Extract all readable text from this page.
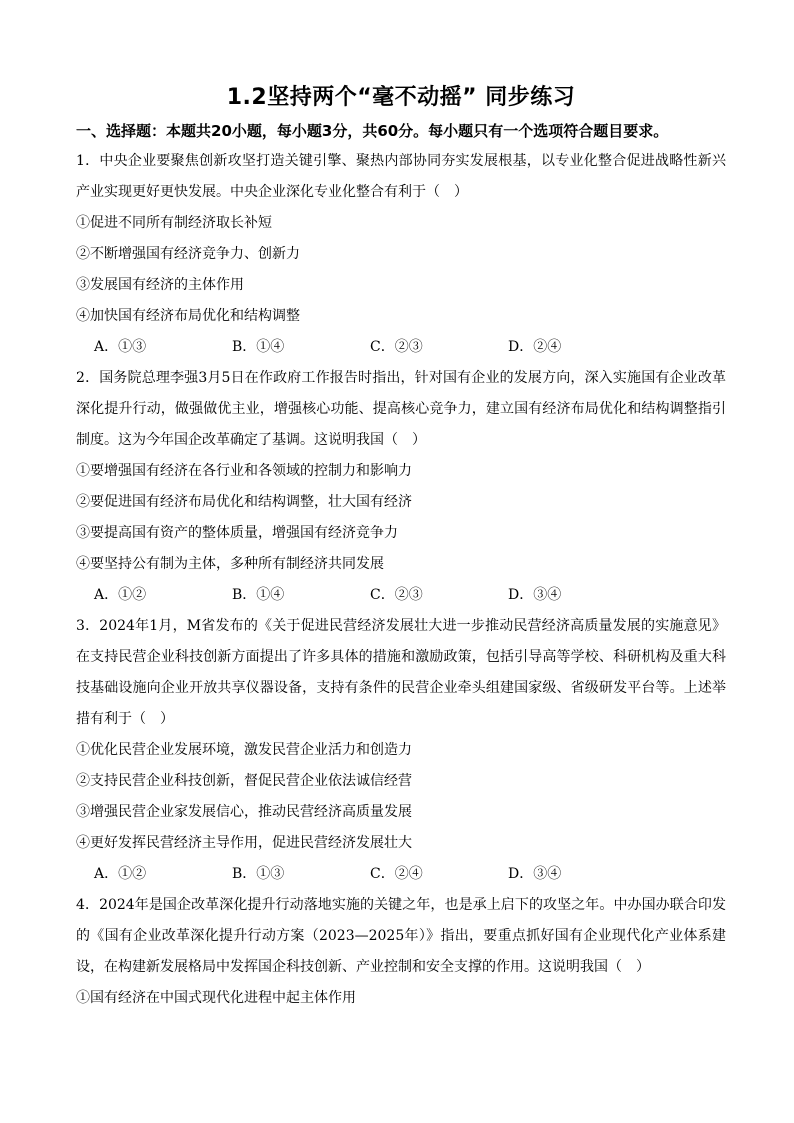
1.2坚持两个“毫不动摇” 同步练习

一、选择题：本题共20小题，每小题3分，共60分。每小题只有一个选项符合题目要求。

1．中央企业要聚焦创新攻坚打造关键引擎、聚热内部协同夯实发展根基，以专业化整合促进战略性新兴产业实现更好更快发展。中央企业深化专业化整合有利于（　）

①促进不同所有制经济取长补短

②不断增强国有经济竞争力、创新力

③发展国有经济的主体作用

④加快国有经济布局优化和结构调整

A．①③	B．①④	C．②③	D．②④

2．国务院总理李强3月5日在作政府工作报告时指出，针对国有企业的发展方向，深入实施国有企业改革深化提升行动，做强做优主业，增强核心功能、提高核心竞争力，建立国有经济布局优化和结构调整指引制度。这为今年国企改革确定了基调。这说明我国（　）

①要增强国有经济在各行业和各领域的控制力和影响力

②要促进国有经济布局优化和结构调整，壮大国有经济

③要提高国有资产的整体质量，增强国有经济竞争力

④要坚持公有制为主体，多种所有制经济共同发展

A．①②	B．①④	C．②③	D．③④

3．2024年1月，M省发布的《关于促进民营经济发展壮大进一步推动民营经济高质量发展的实施意见》在支持民营企业科技创新方面提出了许多具体的措施和激励政策，包括引导高等学校、科研机构及重大科技基础设施向企业开放共享仪器设备，支持有条件的民营企业牵头组建国家级、省级研发平台等。上述举措有利于（　）

①优化民营企业发展环境，激发民营企业活力和创造力

②支持民营企业科技创新，督促民营企业依法诚信经营

③增强民营企业家发展信心，推动民营经济高质量发展

④更好发挥民营经济主导作用，促进民营经济发展壮大

A．①②	B．①③	C．②④	D．③④

4．2024年是国企改革深化提升行动落地实施的关键之年，也是承上启下的攻坚之年。中办国办联合印发的《国有企业改革深化提升行动方案（2023—2025年）》指出，要重点抓好国有企业现代化产业体系建设，在构建新发展格局中发挥国企科技创新、产业控制和安全支撑的作用。这说明我国（　）

①国有经济在中国式现代化进程中起主体作用
